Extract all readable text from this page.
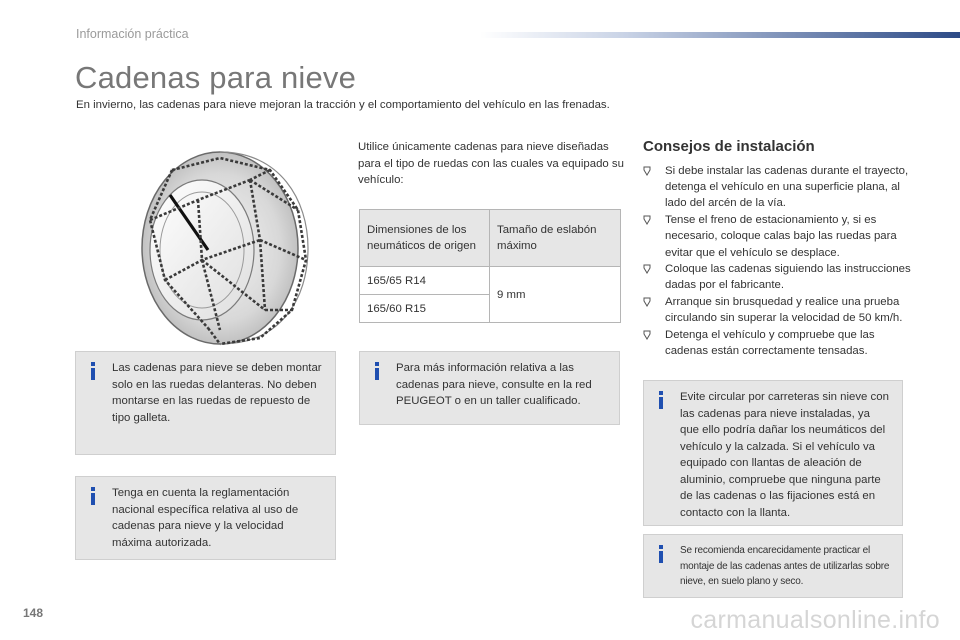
Información práctica
Cadenas para nieve

En invierno, las cadenas para nieve mejoran la tracción y el comportamiento del vehículo en las frenadas.

Las cadenas para nieve se deben montar solo en las ruedas delanteras. No deben montarse en las ruedas de repuesto de tipo galleta.
Tenga en cuenta la reglamentación nacional específica relativa al uso de cadenas para nieve y la velocidad máxima autorizada.

Utilice únicamente cadenas para nieve diseñadas para el tipo de ruedas con las cuales va equipado su vehículo:

Dimensiones de los neumáticos de origen	Tamaño de eslabón máximo
165/65 R14	9 mm
165/60 R15	
Para más información relativa a las cadenas para nieve, consulte en la red PEUGEOT o en un taller cualificado.
Consejos de instalación
Si debe instalar las cadenas durante el trayecto, detenga el vehículo en una superficie plana, al lado del arcén de la vía.
Tense el freno de estacionamiento y, si es necesario, coloque calas bajo las ruedas para evitar que el vehículo se desplace.
Coloque las cadenas siguiendo las instrucciones dadas por el fabricante.
Arranque sin brusquedad y realice una prueba circulando sin superar la velocidad de 50 km/h.
Detenga el vehículo y compruebe que las cadenas están correctamente tensadas.
Evite circular por carreteras sin nieve con las cadenas para nieve instaladas, ya que ello podría dañar los neumáticos del vehículo y la calzada. Si el vehículo va equipado con llantas de aleación de aluminio, compruebe que ninguna parte de las cadenas o las fijaciones está en contacto con la llanta.
Se recomienda encarecidamente practicar el montaje de las cadenas antes de utilizarlas sobre nieve, en suelo plano y seco.
148	carmanualsonline.info
